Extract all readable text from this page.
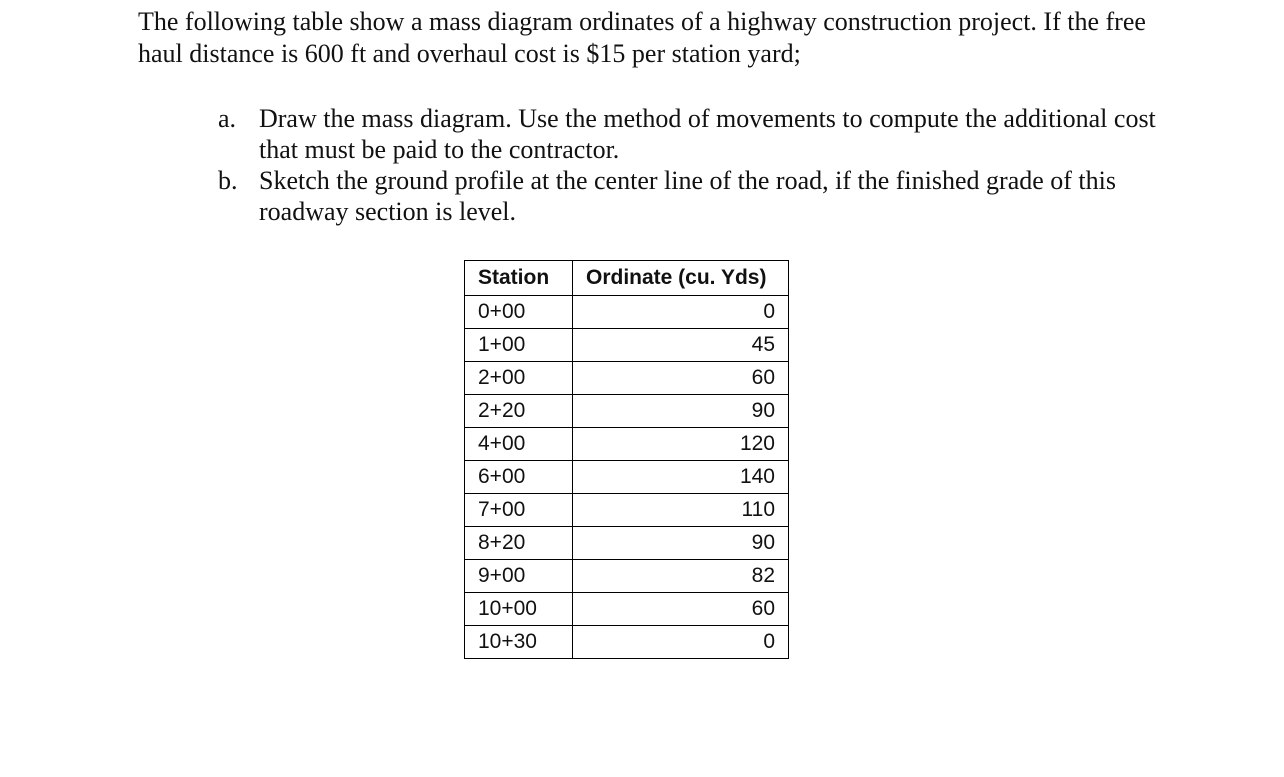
The following table show a mass diagram ordinates of a highway construction project. If the free haul distance is 600 ft and overhaul cost is $15 per station yard;

a. Draw the mass diagram. Use the method of movements to compute the additional cost that must be paid to the contractor.
b. Sketch the ground profile at the center line of the road, if the finished grade of this roadway section is level.
Station	Ordinate (cu. Yds)
0+00	0
1+00	45
2+00	60
2+20	90
4+00	120
6+00	140
7+00	110
8+20	90
9+00	82
10+00	60
10+30	0
